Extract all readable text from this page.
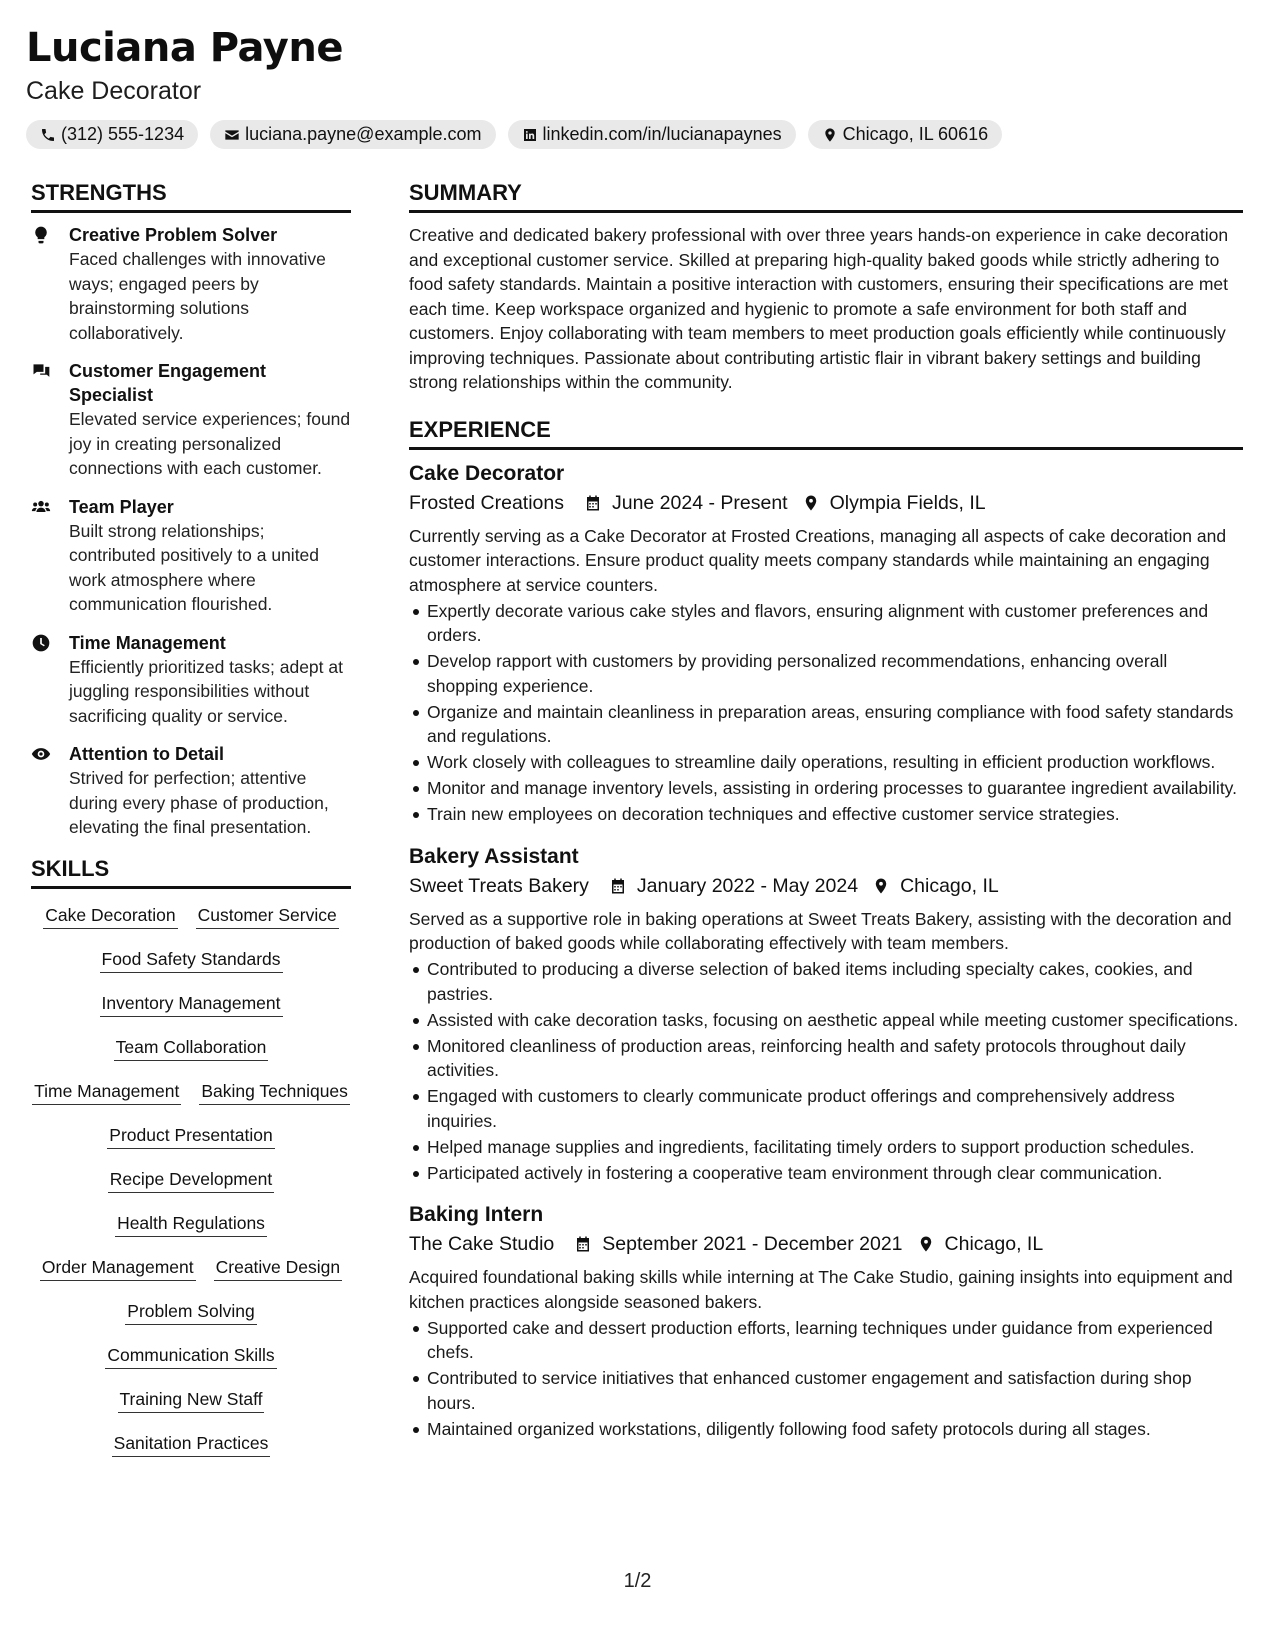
Luciana Payne
Cake Decorator
(312) 555-1234	luciana.payne@example.com	linkedin.com/in/lucianapaynes	Chicago, IL 60616
STRENGTHS
Creative Problem Solver
Faced challenges with innovative ways; engaged peers by brainstorming solutions collaboratively.
Customer Engagement Specialist
Elevated service experiences; found joy in creating personalized connections with each customer.
Team Player
Built strong relationships; contributed positively to a united work atmosphere where communication flourished.
Time Management
Efficiently prioritized tasks; adept at juggling responsibilities without sacrificing quality or service.
Attention to Detail
Strived for perfection; attentive during every phase of production, elevating the final presentation.
SKILLS
Cake Decoration Customer Service
Food Safety Standards
Inventory Management
Team Collaboration
Time Management Baking Techniques
Product Presentation
Recipe Development
Health Regulations
Order Management Creative Design
Problem Solving
Communication Skills
Training New Staff
Sanitation Practices
SUMMARY
Creative and dedicated bakery professional with over three years hands-on experience in cake decoration and exceptional customer service. Skilled at preparing high-quality baked goods while strictly adhering to food safety standards. Maintain a positive interaction with customers, ensuring their specifications are met each time. Keep workspace organized and hygienic to promote a safe environment for both staff and customers. Enjoy collaborating with team members to meet production goals efficiently while continuously improving techniques. Passionate about contributing artistic flair in vibrant bakery settings and building strong relationships within the community.
EXPERIENCE
Cake Decorator
Frosted Creations June 2024 - Present Olympia Fields, IL
Currently serving as a Cake Decorator at Frosted Creations, managing all aspects of cake decoration and customer interactions. Ensure product quality meets company standards while maintaining an engaging atmosphere at service counters.
Expertly decorate various cake styles and flavors, ensuring alignment with customer preferences and orders.
Develop rapport with customers by providing personalized recommendations, enhancing overall shopping experience.
Organize and maintain cleanliness in preparation areas, ensuring compliance with food safety standards and regulations.
Work closely with colleagues to streamline daily operations, resulting in efficient production workflows.
Monitor and manage inventory levels, assisting in ordering processes to guarantee ingredient availability.
Train new employees on decoration techniques and effective customer service strategies.
Bakery Assistant
Sweet Treats Bakery January 2022 - May 2024 Chicago, IL
Served as a supportive role in baking operations at Sweet Treats Bakery, assisting with the decoration and production of baked goods while collaborating effectively with team members.
Contributed to producing a diverse selection of baked items including specialty cakes, cookies, and pastries.
Assisted with cake decoration tasks, focusing on aesthetic appeal while meeting customer specifications.
Monitored cleanliness of production areas, reinforcing health and safety protocols throughout daily activities.
Engaged with customers to clearly communicate product offerings and comprehensively address inquiries.
Helped manage supplies and ingredients, facilitating timely orders to support production schedules.
Participated actively in fostering a cooperative team environment through clear communication.
Baking Intern
The Cake Studio September 2021 - December 2021 Chicago, IL
Acquired foundational baking skills while interning at The Cake Studio, gaining insights into equipment and kitchen practices alongside seasoned bakers.
Supported cake and dessert production efforts, learning techniques under guidance from experienced chefs.
Contributed to service initiatives that enhanced customer engagement and satisfaction during shop hours.
Maintained organized workstations, diligently following food safety protocols during all stages.
1/2
